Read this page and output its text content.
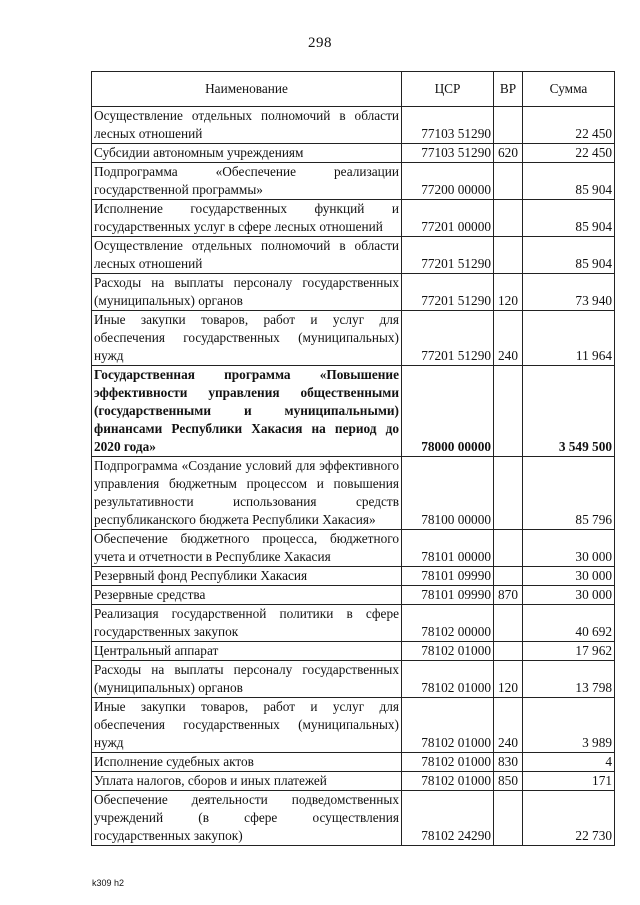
298
Наименование	ЦСР	ВР	Сумма
Осуществление отдельных полномочий в области лесных отношений	77103 51290		22 450
Субсидии автономным учреждениям	77103 51290	620	22 450
Подпрограмма «Обеспечение реализации государственной программы»	77200 00000		85 904
Исполнение государственных функций и государственных услуг в сфере лесных отношений	77201 00000		85 904
Осуществление отдельных полномочий в области лесных отношений	77201 51290		85 904
Расходы на выплаты персоналу государственных (муниципальных) органов	77201 51290	120	73 940
Иные закупки товаров, работ и услуг для обеспечения государственных (муниципальных) нужд	77201 51290	240	11 964
Государственная программа «Повышение эффективности управления общественными (государственными и муниципальными) финансами Республики Хакасия на период до 2020 года»	78000 00000		3 549 500
Подпрограмма «Создание условий для эффективного управления бюджетным процессом и повышения результативности использования средств республиканского бюджета Республики Хакасия»	78100 00000		85 796
Обеспечение бюджетного процесса, бюджетного учета и отчетности в Республике Хакасия	78101 00000		30 000
Резервный фонд Республики Хакасия	78101 09990		30 000
Резервные средства	78101 09990	870	30 000
Реализация государственной политики в сфере государственных закупок	78102 00000		40 692
Центральный аппарат	78102 01000		17 962
Расходы на выплаты персоналу государственных (муниципальных) органов	78102 01000	120	13 798
Иные закупки товаров, работ и услуг для обеспечения государственных (муниципальных) нужд	78102 01000	240	3 989
Исполнение судебных актов	78102 01000	830	4
Уплата налогов, сборов и иных платежей	78102 01000	850	171
Обеспечение деятельности подведомственных учреждений (в сфере осуществления государственных закупок)	78102 24290		22 730
k309 h2
